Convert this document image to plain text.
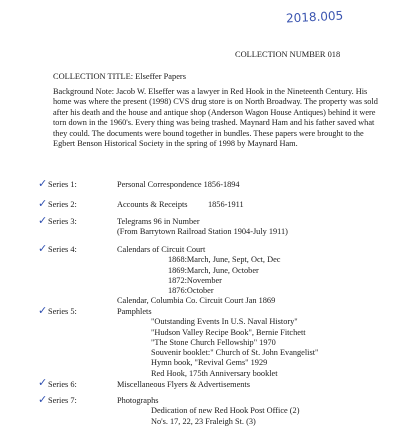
2018.005
COLLECTION NUMBER 018
COLLECTION TITLE: Elseffer Papers

Background Note: Jacob W. Elseffer was a lawyer in Red Hook in the Nineteenth Century. His home was where the present (1998) CVS drug store is on North Broadway. The property was sold after his death and the house and antique shop (Anderson Wagon House Antiques) behind it were torn down in the 1960's. Every thing was being trashed. Maynard Ham and his father saved what they could. The documents were bound together in bundles. These papers were brought to the Egbert Benson Historical Society in the spring of 1998 by Maynard Ham.

✓ Series 1:	Personal Correspondence 1856-1894
✓ Series 2:	Accounts & Receipts 1856-1911
✓ Series 3:	Telegrams 96 in Number
(From Barrytown Railroad Station 1904-July 1911)
✓ Series 4:	Calendars of Circuit Court
1868:March, June, Sept, Oct, Dec
1869:March, June, October
1872:November
1876:October
Calendar, Columbia Co. Circuit Court Jan 1869
✓ Series 5:	Pamphlets
"Outstanding Events In U.S. Naval History"
"Hudson Valley Recipe Book", Bernie Fitchett
"The Stone Church Fellowship" 1970
Souvenir booklet:" Church of St. John Evangelist"
Hymn book, "Revival Gems" 1929
Red Hook, 175th Anniversary booklet
✓ Series 6:	Miscellaneous Flyers & Advertisements
✓ Series 7:	Photographs
Dedication of new Red Hook Post Office (2)
No's. 17, 22, 23 Fraleigh St. (3)
